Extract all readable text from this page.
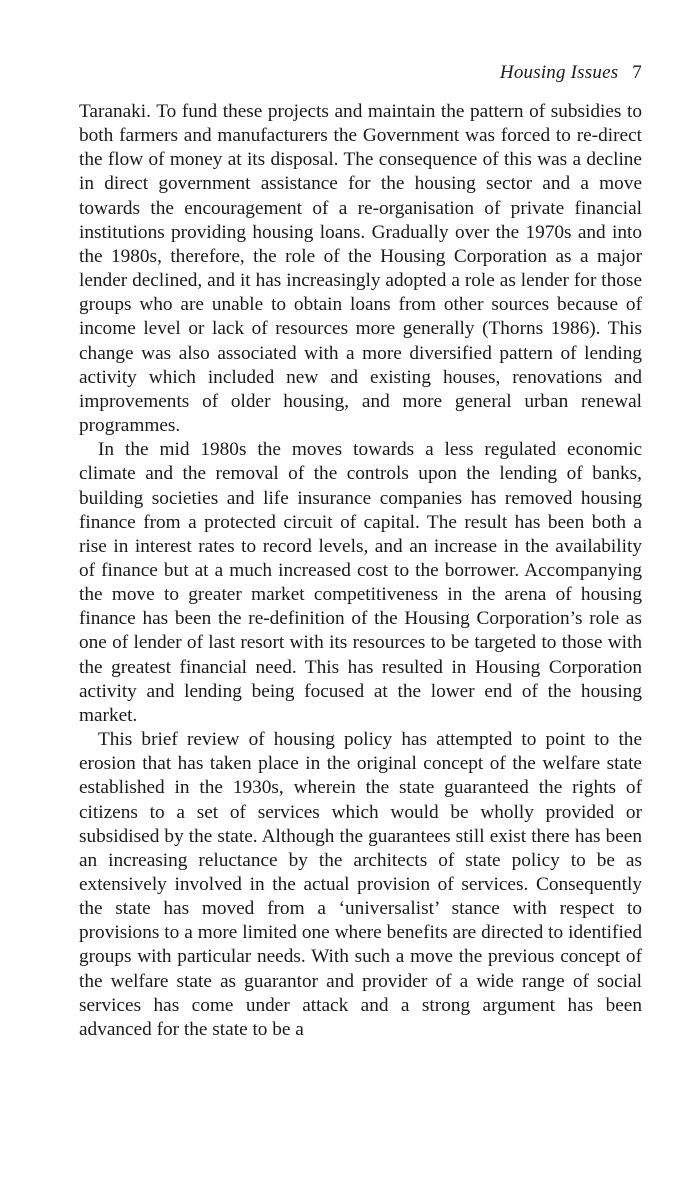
Housing Issues 7

Taranaki. To fund these projects and maintain the pattern of subsidies to both farmers and manufacturers the Government was forced to re-direct the flow of money at its disposal. The consequence of this was a decline in direct government assistance for the housing sector and a move towards the encouragement of a re-organisation of private financial institutions providing housing loans. Gradually over the 1970s and into the 1980s, therefore, the role of the Housing Corporation as a major lender declined, and it has increasingly adopted a role as lender for those groups who are unable to obtain loans from other sources because of income level or lack of resources more generally (Thorns 1986). This change was also associated with a more diversified pattern of lending activity which included new and existing houses, renovations and improvements of older housing, and more general urban renewal programmes.

In the mid 1980s the moves towards a less regulated economic climate and the removal of the controls upon the lending of banks, building societies and life insurance companies has removed housing finance from a protected circuit of capital. The result has been both a rise in interest rates to record levels, and an increase in the availability of finance but at a much increased cost to the borrower. Accompanying the move to greater market competitiveness in the arena of housing finance has been the re-definition of the Housing Corporation’s role as one of lender of last resort with its resources to be targeted to those with the greatest financial need. This has resulted in Housing Corporation activity and lending being focused at the lower end of the housing market.

This brief review of housing policy has attempted to point to the erosion that has taken place in the original concept of the welfare state established in the 1930s, wherein the state guaranteed the rights of citizens to a set of services which would be wholly provided or subsidised by the state. Although the guarantees still exist there has been an increasing reluctance by the architects of state policy to be as extensively involved in the actual provision of services. Consequently the state has moved from a ‘universalist’ stance with respect to provisions to a more limited one where benefits are directed to identified groups with particular needs. With such a move the previous concept of the welfare state as guarantor and provider of a wide range of social services has come under attack and a strong argument has been advanced for the state to be a
